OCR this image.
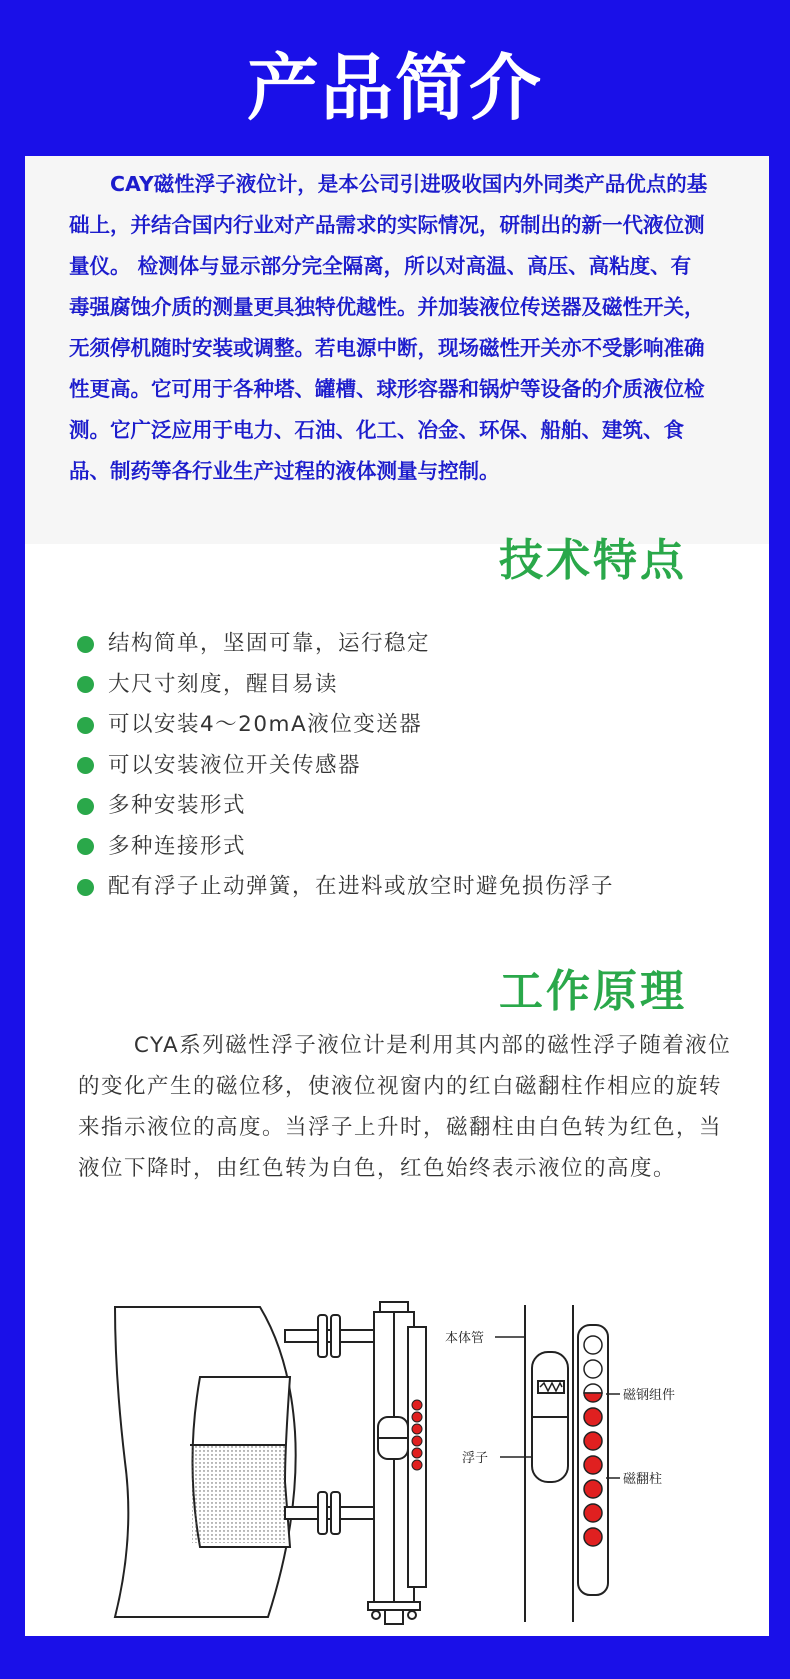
产品简介

CAY磁性浮子液位计，是本公司引进吸收国内外同类产品优点的基础上，并结合国内行业对产品需求的实际情况，研制出的新一代液位测量仪。 检测体与显示部分完全隔离，所以对高温、高压、高粘度、有毒强腐蚀介质的测量更具独特优越性。并加装液位传送器及磁性开关，无须停机随时安装或调整。若电源中断，现场磁性开关亦不受影响准确性更高。它可用于各种塔、罐槽、球形容器和锅炉等设备的介质液位检测。它广泛应用于电力、石油、化工、冶金、环保、船舶、建筑、食品、制药等各行业生产过程的液体测量与控制。

技术特点
结构简单，坚固可靠，运行稳定
大尺寸刻度，醒目易读
可以安装4～20mA液位变送器
可以安装液位开关传感器
多种安装形式
多种连接形式
配有浮子止动弹簧，在进料或放空时避免损伤浮子
工作原理

CYA系列磁性浮子液位计是利用其内部的磁性浮子随着液位的变化产生的磁位移，使液位视窗内的红白磁翻柱作相应的旋转来指示液位的高度。当浮子上升时，磁翻柱由白色转为红色，当液位下降时，由红色转为白色，红色始终表示液位的高度。

本体管
磁钢组件
浮子
磁翻柱
